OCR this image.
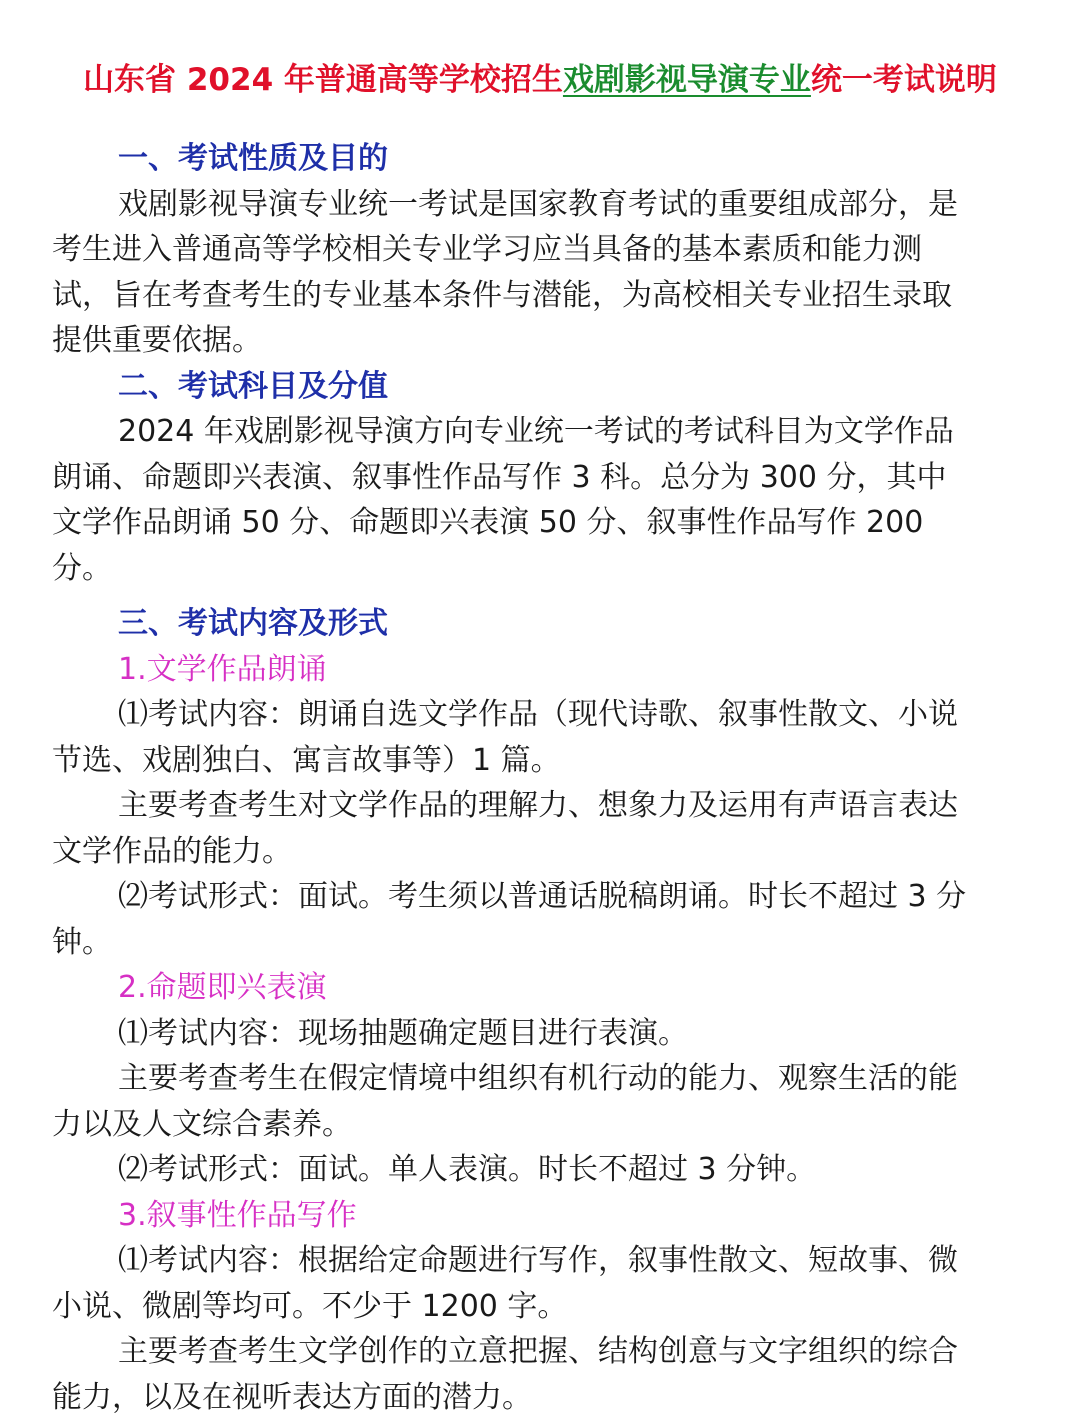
山东省 2024 年普通高等学校招生戏剧影视导演专业统一考试说明
一、考试性质及目的
戏剧影视导演专业统一考试是国家教育考试的重要组成部分，是
考生进入普通高等学校相关专业学习应当具备的基本素质和能力测
试，旨在考查考生的专业基本条件与潜能，为高校相关专业招生录取
提供重要依据。
二、考试科目及分值
2024 年戏剧影视导演方向专业统一考试的考试科目为文学作品
朗诵、命题即兴表演、叙事性作品写作 3 科。总分为 300 分，其中
文学作品朗诵 50 分、命题即兴表演 50 分、叙事性作品写作 200
分。
三、考试内容及形式
1.文学作品朗诵
⑴考试内容：朗诵自选文学作品（现代诗歌、叙事性散文、小说
节选、戏剧独白、寓言故事等）1 篇。
主要考查考生对文学作品的理解力、想象力及运用有声语言表达
文学作品的能力。
⑵考试形式：面试。考生须以普通话脱稿朗诵。时长不超过 3 分
钟。
2.命题即兴表演
⑴考试内容：现场抽题确定题目进行表演。
主要考查考生在假定情境中组织有机行动的能力、观察生活的能
力以及人文综合素养。
⑵考试形式：面试。单人表演。时长不超过 3 分钟。
3.叙事性作品写作
⑴考试内容：根据给定命题进行写作，叙事性散文、短故事、微
小说、微剧等均可。不少于 1200 字。
主要考查考生文学创作的立意把握、结构创意与文字组织的综合
能力，以及在视听表达方面的潜力。
